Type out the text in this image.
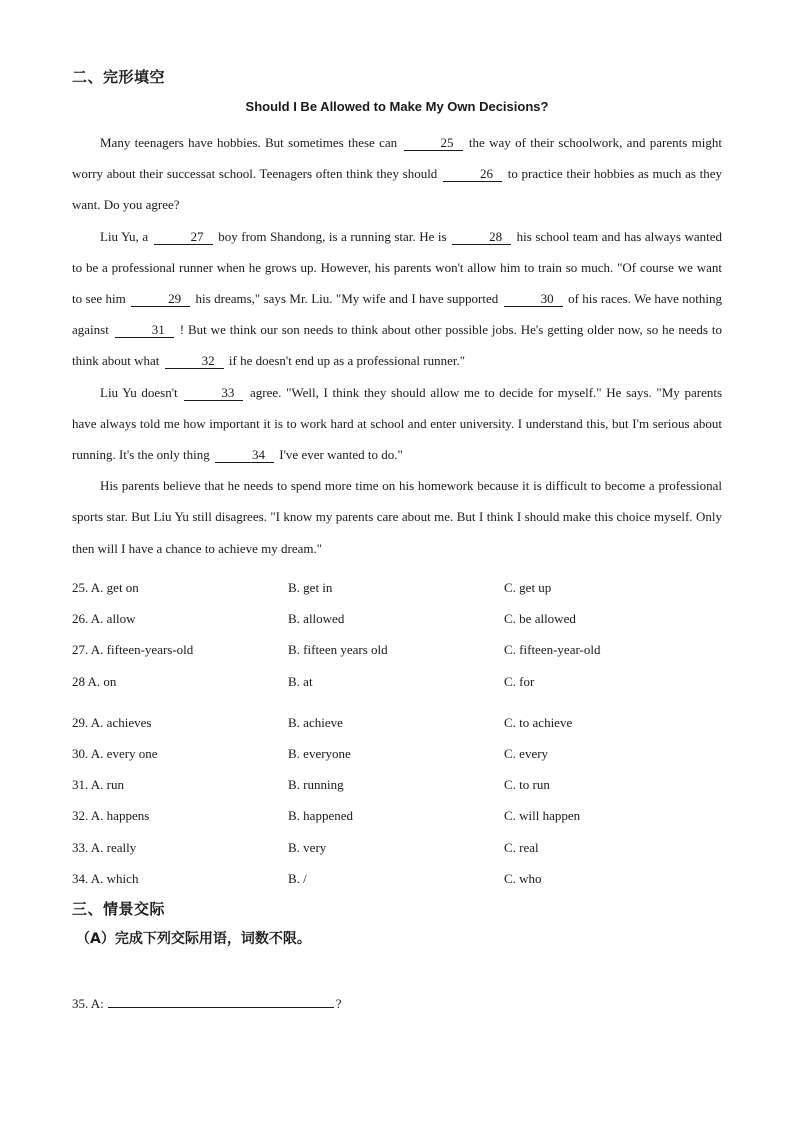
二、完形填空
Should I Be Allowed to Make My Own Decisions?

Many teenagers have hobbies. But sometimes these can	25 the way of their schoolwork, and parents might worry about their successat school. Teenagers often think they should	26 to practice their hobbies as much as they want. Do you agree?

Liu Yu, a	27 boy from Shandong, is a running star. He is	28 his school team and has always wanted to be a professional runner when he grows up. However, his parents won't allow him to train so much. "Of course we want to see him	29 his dreams," says Mr. Liu. "My wife and I have supported	30 of his races. We have nothing against	31 ! But we think our son needs to think about other possible jobs. He's getting older now, so he needs to think about what	32 if he doesn't end up as a professional runner."

Liu Yu doesn't	33 agree. "Well, I think they should allow me to decide for myself." He says. "My parents have always told me how important it is to work hard at school and enter university. I understand this, but I'm serious about running. It's the only thing	34 I've ever wanted to do."

His parents believe that he needs to spend more time on his homework because it is difficult to become a professional sports star. But Liu Yu still disagrees. "I know my parents care about me. But I think I should make this choice myself. Only then will I have a chance to achieve my dream."

25. A. get on	B. get in	C. get up
26. A. allow	B. allowed	C. be allowed
27. A. fifteen-years-old	B. fifteen years old	C. fifteen-year-old
28 A. on	B. at	C. for
29. A. achieves	B. achieve	C. to achieve
30. A. every one	B. everyone	C. every
31. A. run	B. running	C. to run
32. A. happens	B. happened	C. will happen
33. A. really	B. very	C. real
34. A. which	B. /	C. who
三、情景交际
（A）完成下列交际用语，词数不限。
35. A:	?
